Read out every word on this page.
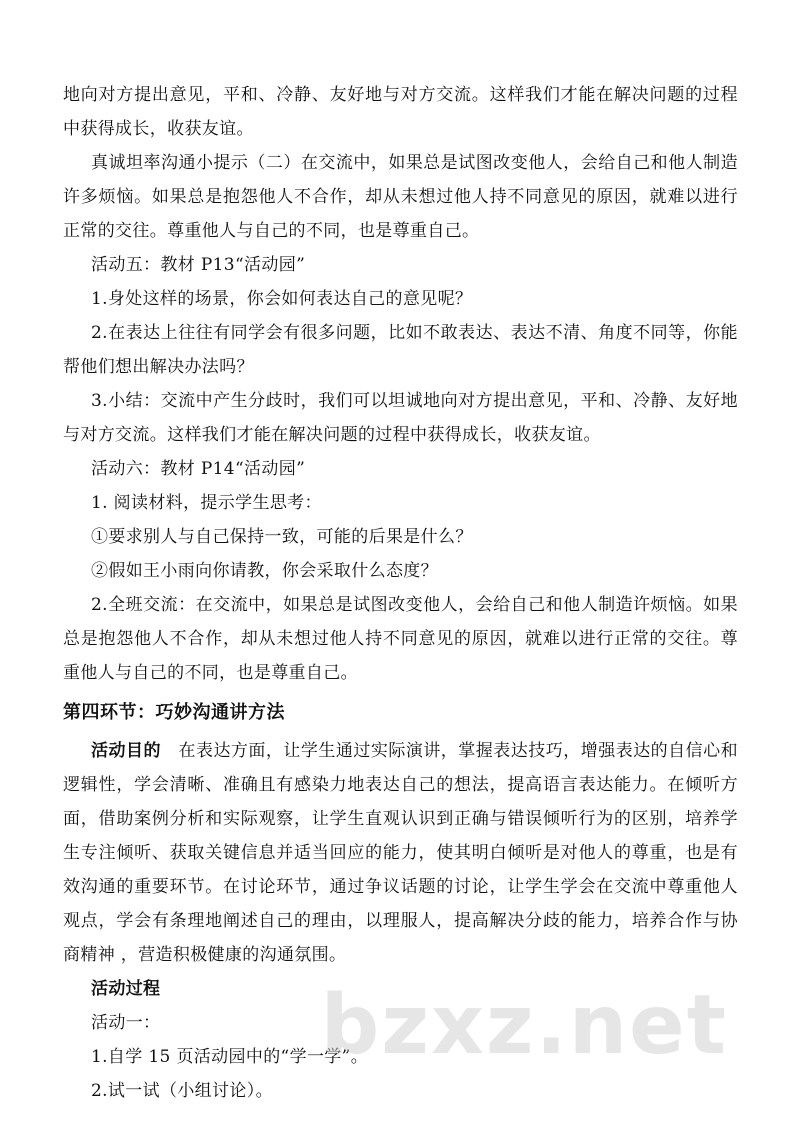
地向对方提出意见，平和、冷静、友好地与对方交流。这样我们才能在解决问题的过程中获得成长，收获友谊。

真诚坦率沟通小提示（二）在交流中，如果总是试图改变他人，会给自己和他人制造许多烦恼。如果总是抱怨他人不合作，却从未想过他人持不同意见的原因，就难以进行正常的交往。尊重他人与自己的不同，也是尊重自己。

活动五：教材 P13“活动园”

1.身处这样的场景，你会如何表达自己的意见呢？

2.在表达上往往有同学会有很多问题，比如不敢表达、表达不清、角度不同等，你能帮他们想出解决办法吗？

3.小结：交流中产生分歧时，我们可以坦诚地向对方提出意见，平和、冷静、友好地与对方交流。这样我们才能在解决问题的过程中获得成长，收获友谊。

活动六：教材 P14“活动园”

1. 阅读材料，提示学生思考：

①要求别人与自己保持一致，可能的后果是什么？

②假如王小雨向你请教，你会采取什么态度？

2.全班交流：在交流中，如果总是试图改变他人，会给自己和他人制造许烦恼。如果总是抱怨他人不合作，却从未想过他人持不同意见的原因，就难以进行正常的交往。尊重他人与自己的不同，也是尊重自己。

第四环节：巧妙沟通讲方法

活动目的　在表达方面，让学生通过实际演讲，掌握表达技巧，增强表达的自信心和逻辑性，学会清晰、准确且有感染力地表达自己的想法，提高语言表达能力。在倾听方面，借助案例分析和实际观察，让学生直观认识到正确与错误倾听行为的区别，培养学生专注倾听、获取关键信息并适当回应的能力，使其明白倾听是对他人的尊重，也是有效沟通的重要环节。在讨论环节，通过争议话题的讨论，让学生学会在交流中尊重他人观点，学会有条理地阐述自己的理由，以理服人，提高解决分歧的能力，培养合作与协商精神 ，营造积极健康的沟通氛围。

活动过程

活动一：

1.自学 15 页活动园中的“学一学”。

2.试一试（小组讨论）。

bzxz.net
